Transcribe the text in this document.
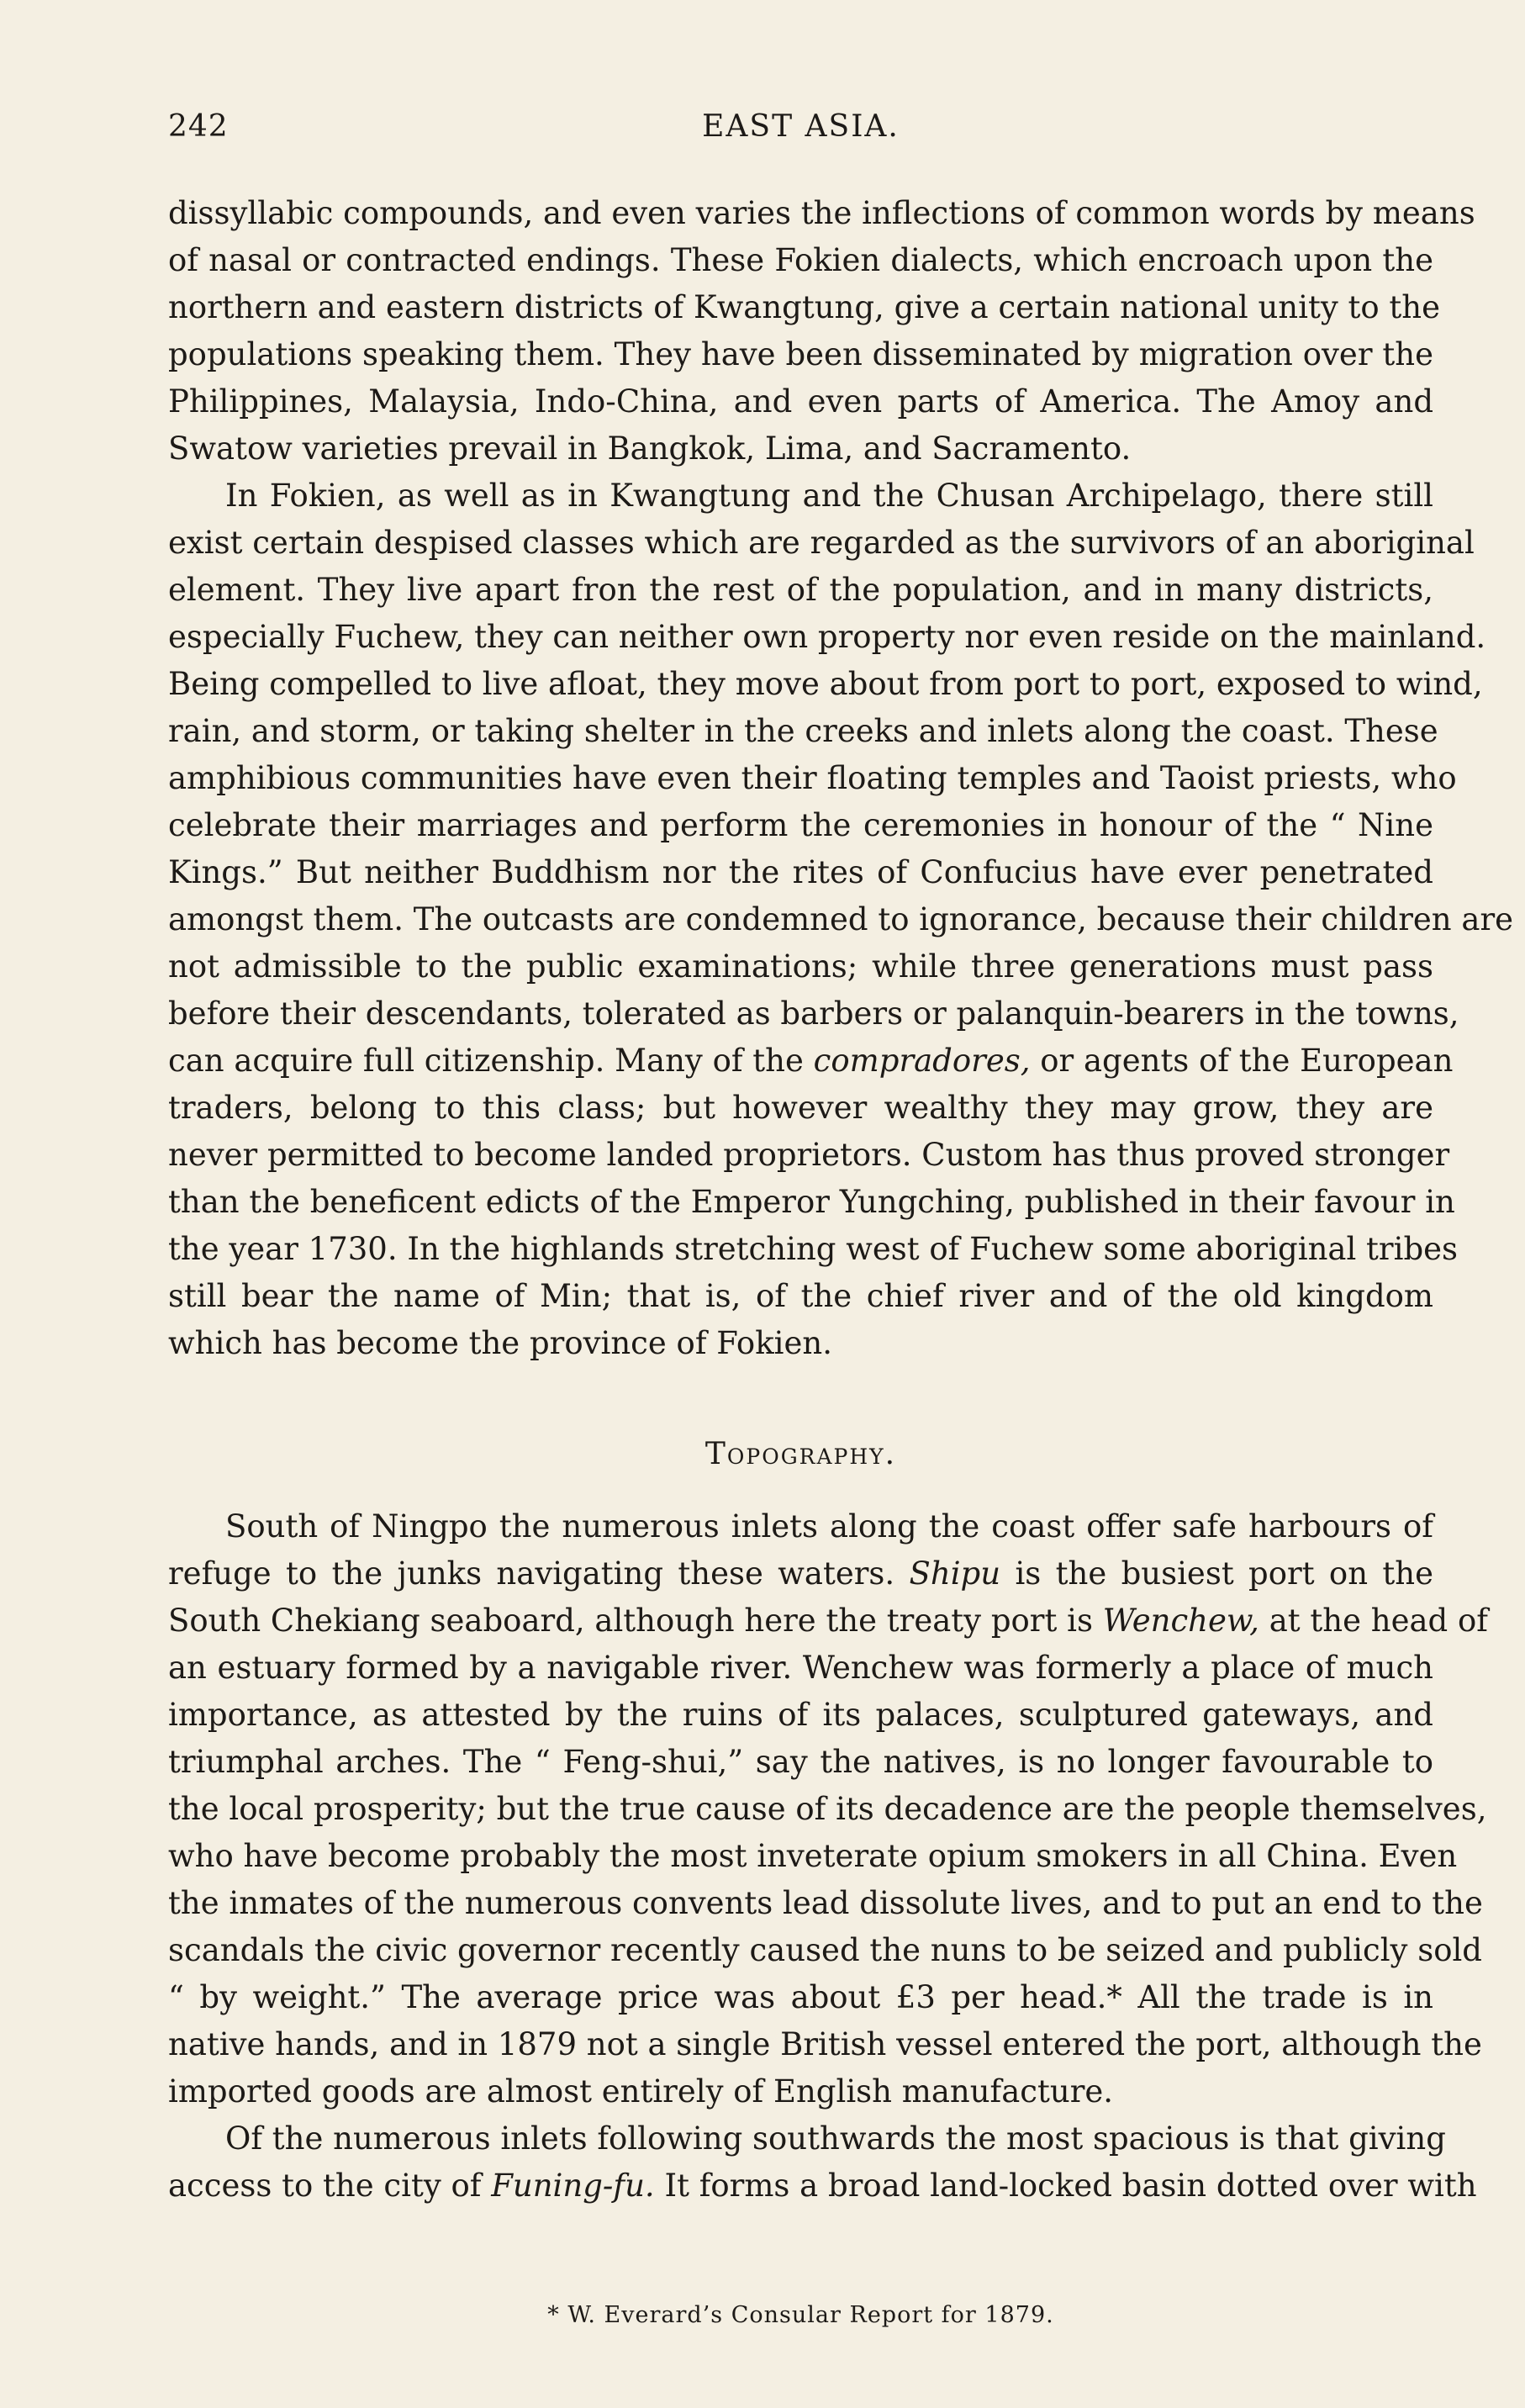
242	EAST ASIA.
dissyllabic compounds, and even varies the inflections of common words by means
of nasal or contracted endings. These Fokien dialects, which encroach upon the
northern and eastern districts of Kwangtung, give a certain national unity to the
populations speaking them. They have been disseminated by migration over the
Philippines, Malaysia, Indo-China, and even parts of America. The Amoy and
Swatow varieties prevail in Bangkok, Lima, and Sacramento.
In Fokien, as well as in Kwangtung and the Chusan Archipelago, there still
exist certain despised classes which are regarded as the survivors of an aboriginal
element. They live apart fron the rest of the population, and in many districts,
especially Fuchew, they can neither own property nor even reside on the mainland.
Being compelled to live afloat, they move about from port to port, exposed to wind,
rain, and storm, or taking shelter in the creeks and inlets along the coast. These
amphibious communities have even their floating temples and Taoist priests, who
celebrate their marriages and perform the ceremonies in honour of the “ Nine
Kings.” But neither Buddhism nor the rites of Confucius have ever penetrated
amongst them. The outcasts are condemned to ignorance, because their children are
not admissible to the public examinations; while three generations must pass
before their descendants, tolerated as barbers or palanquin-bearers in the towns,
can acquire full citizenship. Many of the compradores, or agents of the European
traders, belong to this class; but however wealthy they may grow, they are
never permitted to become landed proprietors. Custom has thus proved stronger
than the beneficent edicts of the Emperor Yungching, published in their favour in
the year 1730. In the highlands stretching west of Fuchew some aboriginal tribes
still bear the name of Min; that is, of the chief river and of the old kingdom
which has become the province of Fokien.
Topography.
South of Ningpo the numerous inlets along the coast offer safe harbours of
refuge to the junks navigating these waters. Shipu is the busiest port on the
South Chekiang seaboard, although here the treaty port is Wenchew, at the head of
an estuary formed by a navigable river. Wenchew was formerly a place of much
importance, as attested by the ruins of its palaces, sculptured gateways, and
triumphal arches. The “ Feng-shui,” say the natives, is no longer favourable to
the local prosperity; but the true cause of its decadence are the people themselves,
who have become probably the most inveterate opium smokers in all China. Even
the inmates of the numerous convents lead dissolute lives, and to put an end to the
scandals the civic governor recently caused the nuns to be seized and publicly sold
“ by weight.” The average price was about £3 per head.* All the trade is in
native hands, and in 1879 not a single British vessel entered the port, although the
imported goods are almost entirely of English manufacture.
Of the numerous inlets following southwards the most spacious is that giving
access to the city of Funing-fu. It forms a broad land-locked basin dotted over with
* W. Everard’s Consular Report for 1879.
